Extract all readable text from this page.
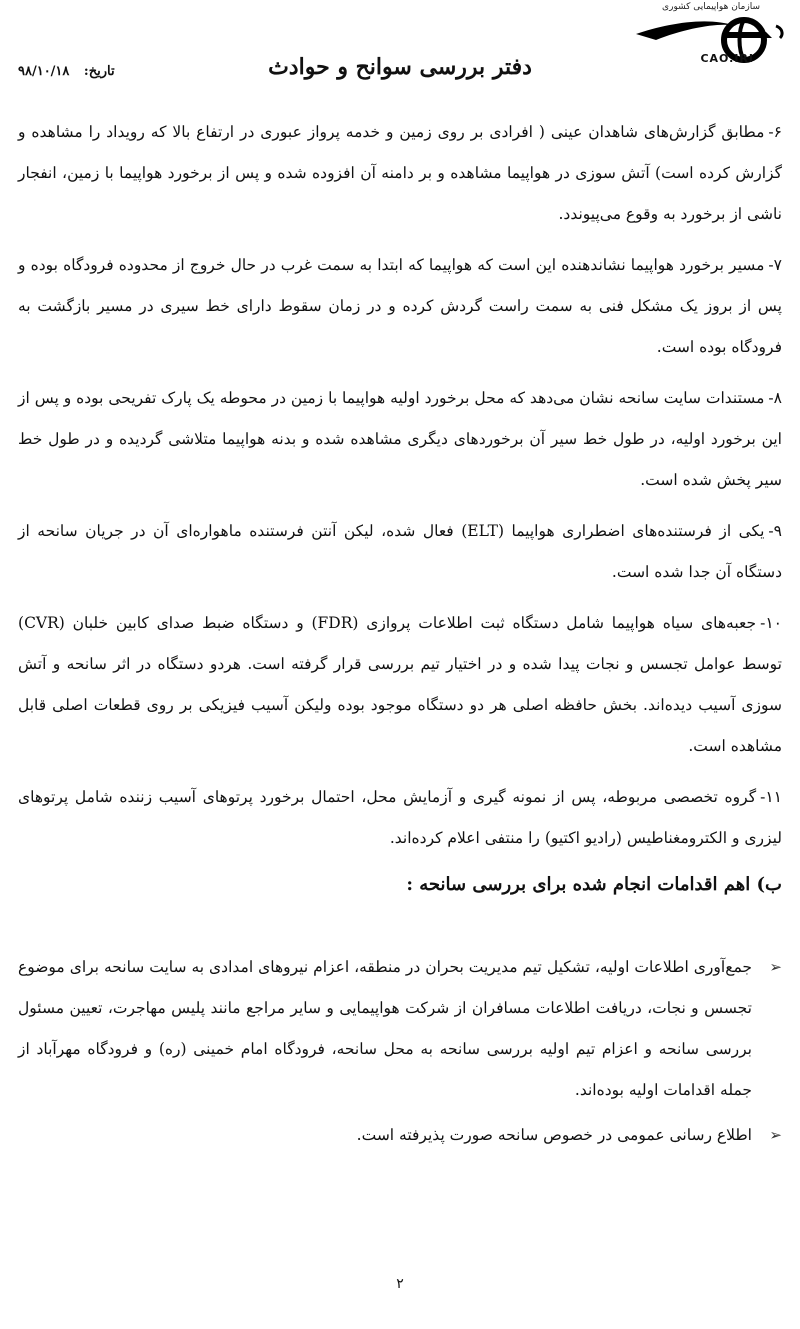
سازمان هواپیمایی کشوری
CAO.IRI
دفتر بررسی سوانح و حوادث
تاریخ: ۹۸/۱۰/۱۸

۶-مطابق گزارش‌های شاهدان عینی ( افرادی بر روی زمین و خدمه پرواز عبوری در ارتفاع بالا که رویداد را مشاهده و گزارش کرده است) آتش سوزی در هواپیما مشاهده و بر دامنه آن افزوده شده و پس از برخورد هواپیما با زمین، انفجار ناشی از برخورد به وقوع می‌پیوندد.

۷-مسیر برخورد هواپیما نشاندهنده این است که هواپیما که ابتدا به سمت غرب در حال خروج از محدوده فرودگاه بوده و پس از بروز یک مشکل فنی به سمت راست گردش کرده و در زمان سقوط دارای خط سیری در مسیر بازگشت به فرودگاه بوده است.

۸-مستندات سایت سانحه نشان می‌دهد که محل برخورد اولیه هواپیما با زمین در محوطه یک پارک تفریحی بوده و پس از این برخورد اولیه، در طول خط سیر آن برخوردهای دیگری مشاهده شده و بدنه هواپیما متلاشی گردیده و در طول خط سیر پخش شده است.

۹-یکی از فرستنده‌های اضطراری هواپیما (ELT) فعال شده، لیکن آنتن فرستنده ماهواره‌ای آن در جریان سانحه از دستگاه آن جدا شده است.

۱۰-جعبه‌های سیاه هواپیما شامل دستگاه ثبت اطلاعات پروازی (FDR) و دستگاه ضبط صدای کابین خلبان (CVR) توسط عوامل تجسس و نجات پیدا شده و در اختیار تیم بررسی قرار گرفته است. هردو دستگاه در اثر سانحه و آتش سوزی آسیب دیده‌اند. بخش حافظه اصلی هر دو دستگاه موجود بوده ولیکن آسیب فیزیکی بر روی قطعات اصلی قابل مشاهده است.

۱۱-گروه تخصصی مربوطه، پس از نمونه گیری و آزمایش محل، احتمال برخورد پرتوهای آسیب زننده شامل پرتوهای لیزری و الکترومغناطیس (رادیو اکتیو) را منتفی اعلام کرده‌اند.

ب) اهم اقدامات انجام شده برای بررسی سانحه :
➢
جمع‌آوری اطلاعات اولیه، تشکیل تیم مدیریت بحران در منطقه، اعزام نیروهای امدادی به سایت سانحه برای موضوع تجسس و نجات، دریافت اطلاعات مسافران از شرکت هواپیمایی و سایر مراجع مانند پلیس مهاجرت، تعیین مسئول بررسی سانحه و اعزام تیم اولیه بررسی سانحه به محل سانحه، فرودگاه امام خمینی (ره) و فرودگاه مهرآباد از جمله اقدامات اولیه بوده‌اند.
➢
اطلاع رسانی عمومی در خصوص سانحه صورت پذیرفته است.
۲
